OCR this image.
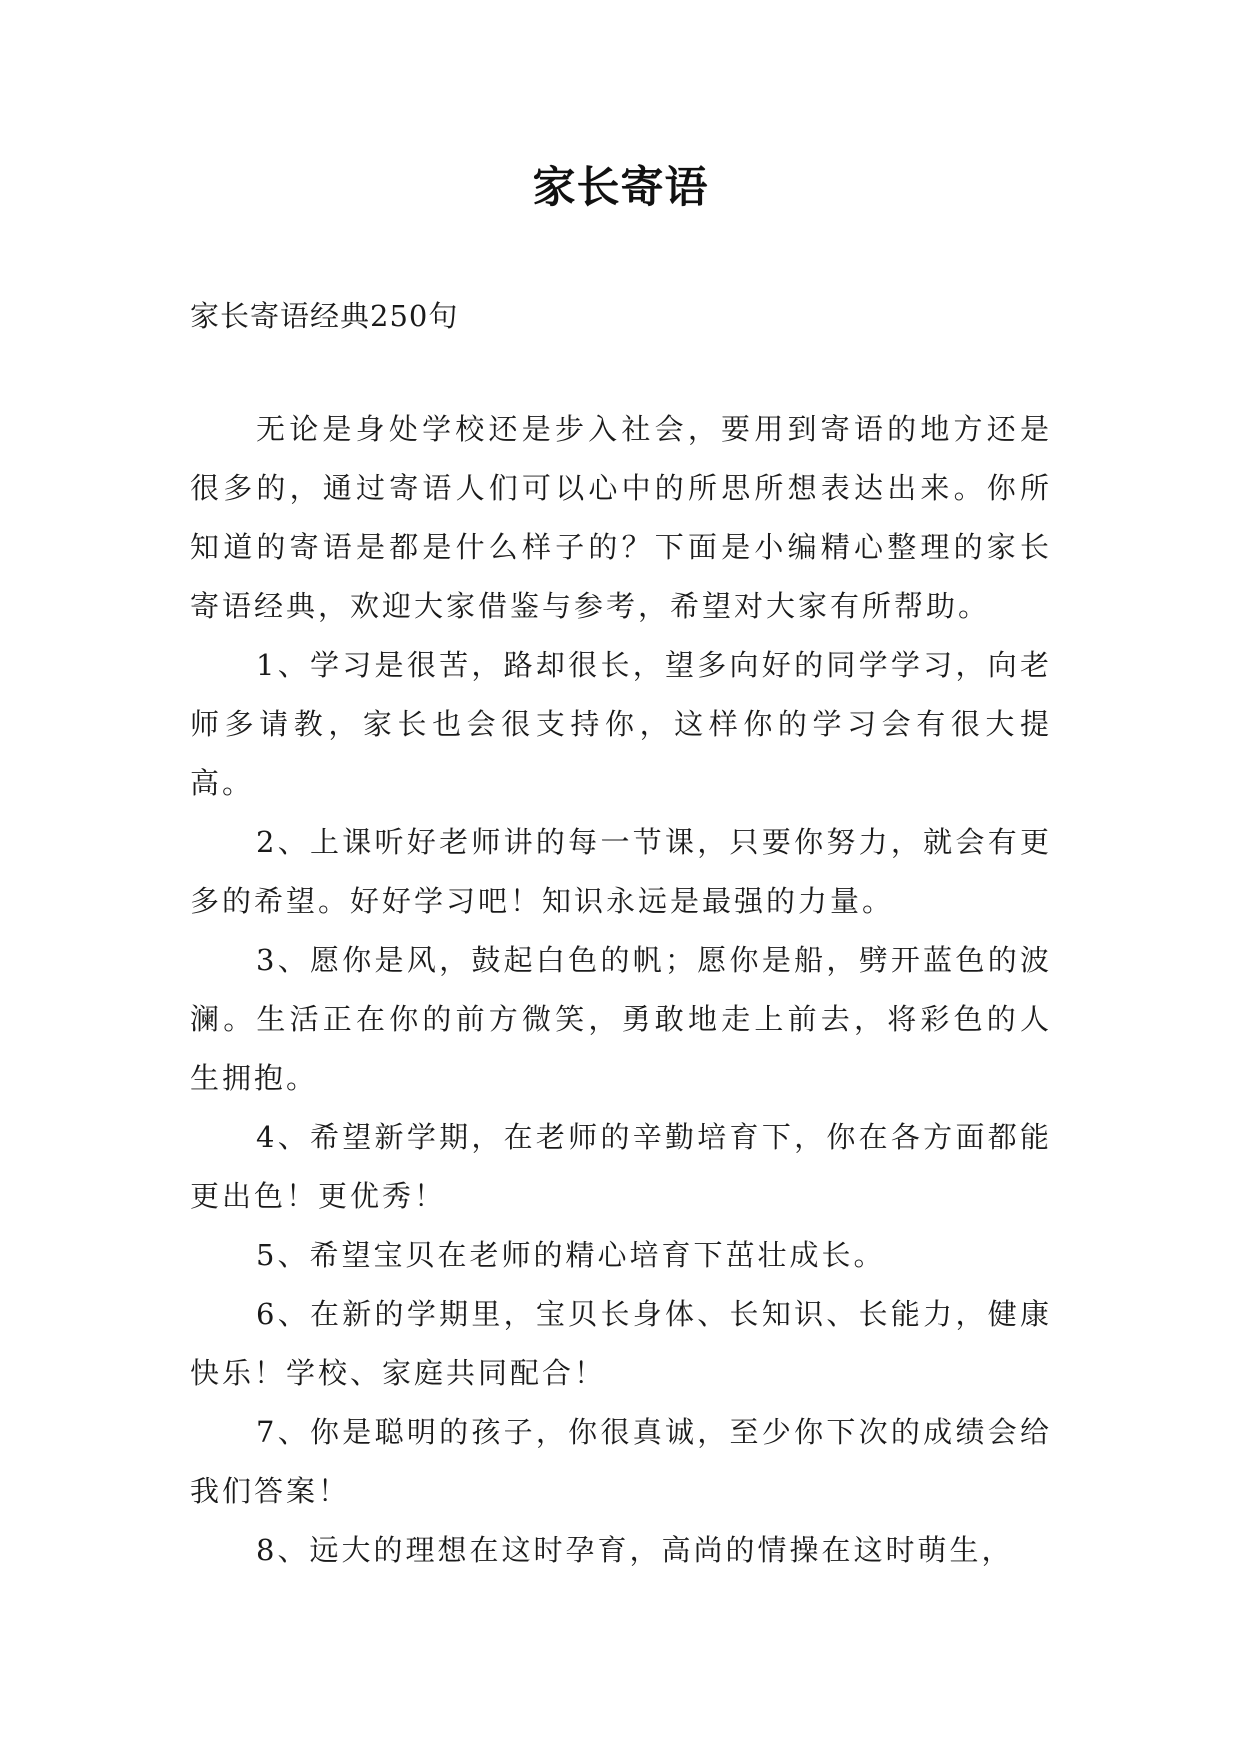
家长寄语
家长寄语经典250句

无论是身处学校还是步入社会，要用到寄语的地方还是很多的，通过寄语人们可以心中的所思所想表达出来。你所知道的寄语是都是什么样子的？下面是小编精心整理的家长寄语经典，欢迎大家借鉴与参考，希望对大家有所帮助。

1、学习是很苦，路却很长，望多向好的同学学习，向老师多请教，家长也会很支持你，这样你的学习会有很大提高。

2、上课听好老师讲的每一节课，只要你努力，就会有更多的希望。好好学习吧！知识永远是最强的力量。

3、愿你是风，鼓起白色的帆；愿你是船，劈开蓝色的波澜。生活正在你的前方微笑，勇敢地走上前去，将彩色的人生拥抱。

4、希望新学期，在老师的辛勤培育下，你在各方面都能更出色！更优秀！

5、希望宝贝在老师的精心培育下茁壮成长。

6、在新的学期里，宝贝长身体、长知识、长能力，健康快乐！学校、家庭共同配合！

7、你是聪明的孩子，你很真诚，至少你下次的成绩会给我们答案！

8、远大的理想在这时孕育，高尚的情操在这时萌生，
